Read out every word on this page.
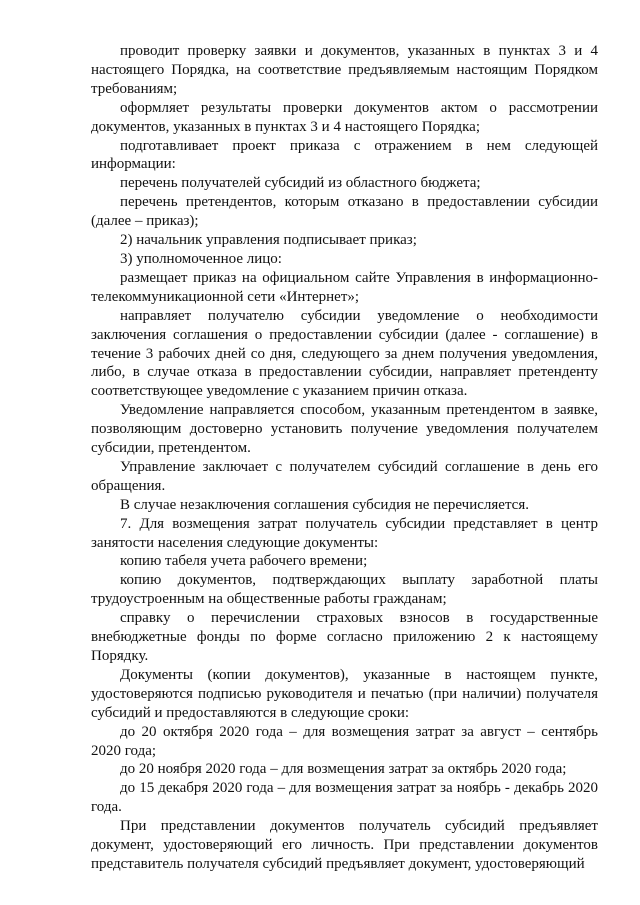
проводит проверку заявки и документов, указанных в пунктах 3 и 4 настоящего Порядка, на соответствие предъявляемым настоящим Порядком требованиям;

оформляет результаты проверки документов актом о рассмотрении документов, указанных в пунктах 3 и 4 настоящего Порядка;

подготавливает проект приказа с отражением в нем следующей информации:

перечень получателей субсидий из областного бюджета;

перечень претендентов, которым отказано в предоставлении субсидии (далее – приказ);

2) начальник управления подписывает приказ;

3) уполномоченное лицо:

размещает приказ на официальном сайте Управления в информационно-телекоммуникационной сети «Интернет»;

направляет получателю субсидии уведомление о необходимости заключения соглашения о предоставлении субсидии (далее - соглашение) в течение 3 рабочих дней со дня, следующего за днем получения уведомления, либо, в случае отказа в предоставлении субсидии, направляет претенденту соответствующее уведомление с указанием причин отказа.

Уведомление направляется способом, указанным претендентом в заявке, позволяющим достоверно установить получение уведомления получателем субсидии, претендентом.

Управление заключает с получателем субсидий соглашение в день его обращения.

В случае незаключения соглашения субсидия не перечисляется.

7. Для возмещения затрат получатель субсидии представляет в центр занятости населения следующие документы:

копию табеля учета рабочего времени;

копию документов, подтверждающих выплату заработной платы трудоустроенным на общественные работы гражданам;

справку о перечислении страховых взносов в государственные внебюджетные фонды по форме согласно приложению 2 к настоящему Порядку.

Документы (копии документов), указанные в настоящем пункте, удостоверяются подписью руководителя и печатью (при наличии) получателя субсидий и предоставляются в следующие сроки:

до 20 октября 2020 года – для возмещения затрат за август – сентябрь 2020 года;

до 20 ноября 2020 года – для возмещения затрат за октябрь 2020 года;

до 15 декабря 2020 года – для возмещения затрат за ноябрь - декабрь 2020 года.

При представлении документов получатель субсидий предъявляет документ, удостоверяющий его личность. При представлении документов представитель получателя субсидий предъявляет документ, удостоверяющий
